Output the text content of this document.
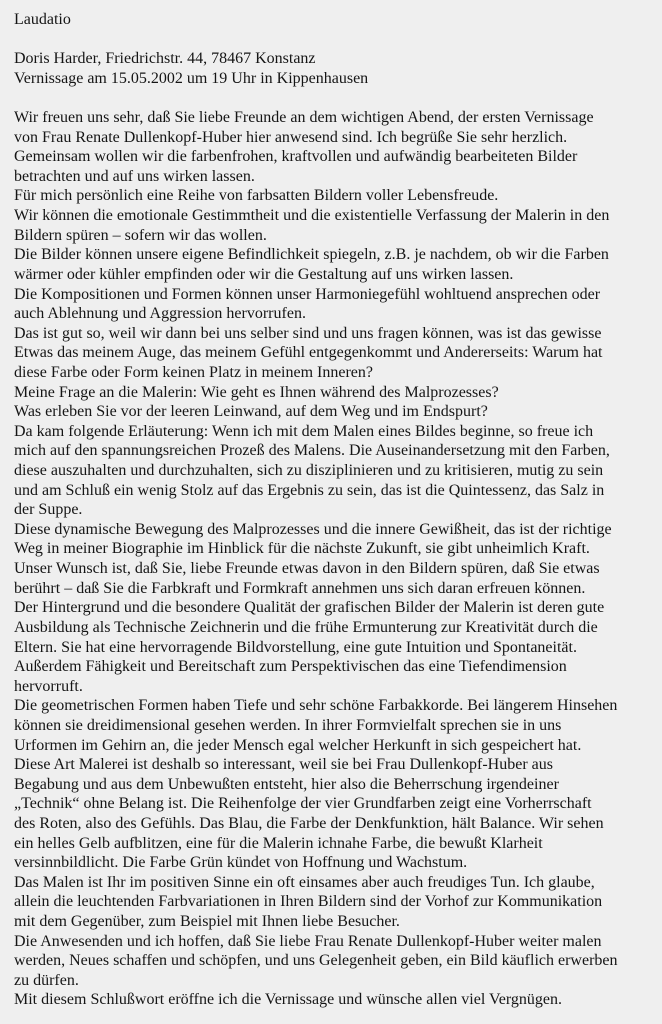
Laudatio
Doris Harder, Friedrichstr. 44, 78467 Konstanz
Vernissage am 15.05.2002 um 19 Uhr in Kippenhausen
Wir freuen uns sehr, daß Sie liebe Freunde an dem wichtigen Abend, der ersten Vernissage
von Frau Renate Dullenkopf-Huber hier anwesend sind. Ich begrüße Sie sehr herzlich.
Gemeinsam wollen wir die farbenfrohen, kraftvollen und aufwändig bearbeiteten Bilder
betrachten und auf uns wirken lassen.
Für mich persönlich eine Reihe von farbsatten Bildern voller Lebensfreude.
Wir können die emotionale Gestimmtheit und die existentielle Verfassung der Malerin in den
Bildern spüren – sofern wir das wollen.
Die Bilder können unsere eigene Befindlichkeit spiegeln, z.B. je nachdem, ob wir die Farben
wärmer oder kühler empfinden oder wir die Gestaltung auf uns wirken lassen.
Die Kompositionen und Formen können unser Harmoniegefühl wohltuend ansprechen oder
auch Ablehnung und Aggression hervorrufen.
Das ist gut so, weil wir dann bei uns selber sind und uns fragen können, was ist das gewisse
Etwas das meinem Auge, das meinem Gefühl entgegenkommt und Andererseits: Warum hat
diese Farbe oder Form keinen Platz in meinem Inneren?
Meine Frage an die Malerin: Wie geht es Ihnen während des Malprozesses?
Was erleben Sie vor der leeren Leinwand, auf dem Weg und im Endspurt?
Da kam folgende Erläuterung: Wenn ich mit dem Malen eines Bildes beginne, so freue ich
mich auf den spannungsreichen Prozeß des Malens. Die Auseinandersetzung mit den Farben,
diese auszuhalten und durchzuhalten, sich zu disziplinieren und zu kritisieren, mutig zu sein
und am Schluß ein wenig Stolz auf das Ergebnis zu sein, das ist die Quintessenz, das Salz in
der Suppe.
Diese dynamische Bewegung des Malprozesses und die innere Gewißheit, das ist der richtige
Weg in meiner Biographie im Hinblick für die nächste Zukunft, sie gibt unheimlich Kraft.
Unser Wunsch ist, daß Sie, liebe Freunde etwas davon in den Bildern spüren, daß Sie etwas
berührt – daß Sie die Farbkraft und Formkraft annehmen uns sich daran erfreuen können.
Der Hintergrund und die besondere Qualität der grafischen Bilder der Malerin ist deren gute
Ausbildung als Technische Zeichnerin und die frühe Ermunterung zur Kreativität durch die
Eltern. Sie hat eine hervorragende Bildvorstellung, eine gute Intuition und Spontaneität.
Außerdem Fähigkeit und Bereitschaft zum Perspektivischen das eine Tiefendimension
hervorruft.
Die geometrischen Formen haben Tiefe und sehr schöne Farbakkorde. Bei längerem Hinsehen
können sie dreidimensional gesehen werden. In ihrer Formvielfalt sprechen sie in uns
Urformen im Gehirn an, die jeder Mensch egal welcher Herkunft in sich gespeichert hat.
Diese Art Malerei ist deshalb so interessant, weil sie bei Frau Dullenkopf-Huber aus
Begabung und aus dem Unbewußten entsteht, hier also die Beherrschung irgendeiner
„Technik“ ohne Belang ist. Die Reihenfolge der vier Grundfarben zeigt eine Vorherrschaft
des Roten, also des Gefühls. Das Blau, die Farbe der Denkfunktion, hält Balance. Wir sehen
ein helles Gelb aufblitzen, eine für die Malerin ichnahe Farbe, die bewußt Klarheit
versinnbildlicht. Die Farbe Grün kündet von Hoffnung und Wachstum.
Das Malen ist Ihr im positiven Sinne ein oft einsames aber auch freudiges Tun. Ich glaube,
allein die leuchtenden Farbvariationen in Ihren Bildern sind der Vorhof zur Kommunikation
mit dem Gegenüber, zum Beispiel mit Ihnen liebe Besucher.
Die Anwesenden und ich hoffen, daß Sie liebe Frau Renate Dullenkopf-Huber weiter malen
werden, Neues schaffen und schöpfen, und uns Gelegenheit geben, ein Bild käuflich erwerben
zu dürfen.
Mit diesem Schlußwort eröffne ich die Vernissage und wünsche allen viel Vergnügen.
